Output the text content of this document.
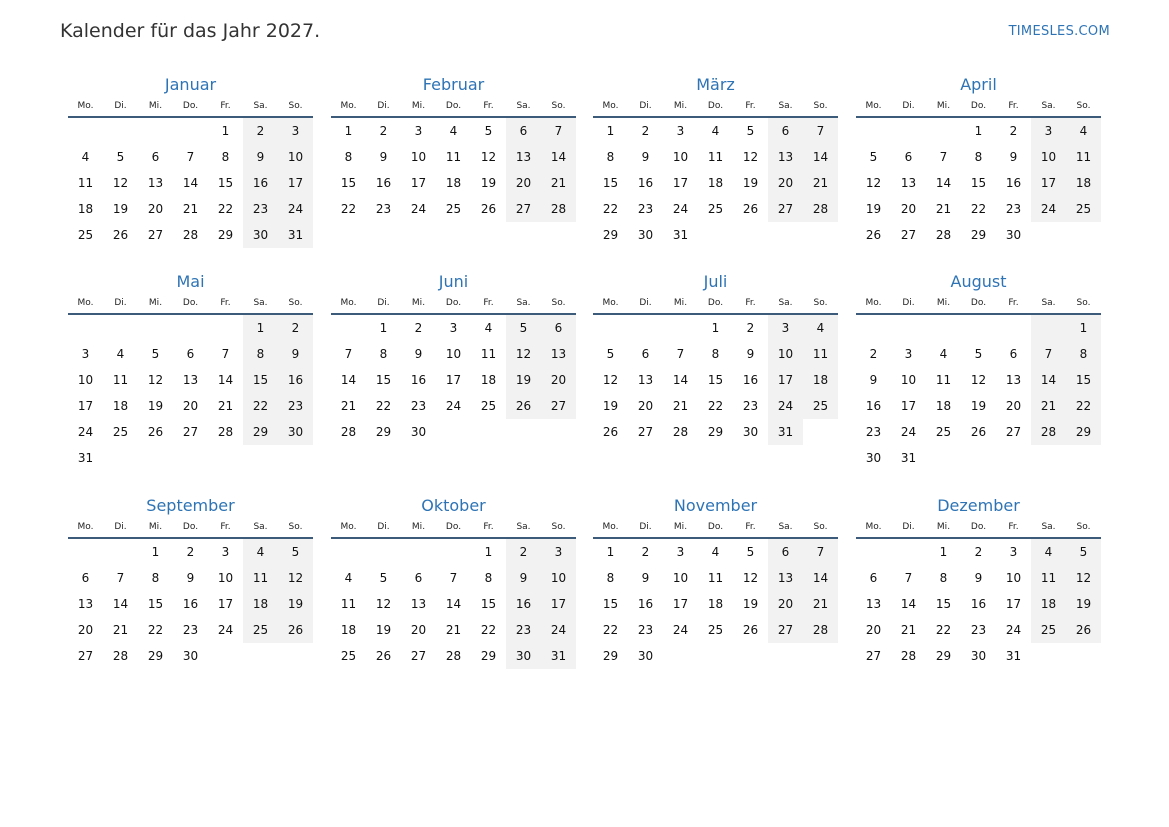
Kalender für das Jahr 2027.	TIMESLES.COM
Januar
Mo.	Di.	Mi.	Do.	Fr.	Sa.	So.
				1	2	3
4	5	6	7	8	9	10
11	12	13	14	15	16	17
18	19	20	21	22	23	24
25	26	27	28	29	30	31
Februar
Mo.	Di.	Mi.	Do.	Fr.	Sa.	So.
1	2	3	4	5	6	7
8	9	10	11	12	13	14
15	16	17	18	19	20	21
22	23	24	25	26	27	28
März
Mo.	Di.	Mi.	Do.	Fr.	Sa.	So.
1	2	3	4	5	6	7
8	9	10	11	12	13	14
15	16	17	18	19	20	21
22	23	24	25	26	27	28
29	30	31				
April
Mo.	Di.	Mi.	Do.	Fr.	Sa.	So.
			1	2	3	4
5	6	7	8	9	10	11
12	13	14	15	16	17	18
19	20	21	22	23	24	25
26	27	28	29	30		
Mai
Mo.	Di.	Mi.	Do.	Fr.	Sa.	So.
					1	2
3	4	5	6	7	8	9
10	11	12	13	14	15	16
17	18	19	20	21	22	23
24	25	26	27	28	29	30
31						
Juni
Mo.	Di.	Mi.	Do.	Fr.	Sa.	So.
	1	2	3	4	5	6
7	8	9	10	11	12	13
14	15	16	17	18	19	20
21	22	23	24	25	26	27
28	29	30				
Juli
Mo.	Di.	Mi.	Do.	Fr.	Sa.	So.
			1	2	3	4
5	6	7	8	9	10	11
12	13	14	15	16	17	18
19	20	21	22	23	24	25
26	27	28	29	30	31	
August
Mo.	Di.	Mi.	Do.	Fr.	Sa.	So.
						1
2	3	4	5	6	7	8
9	10	11	12	13	14	15
16	17	18	19	20	21	22
23	24	25	26	27	28	29
30	31					
September
Mo.	Di.	Mi.	Do.	Fr.	Sa.	So.
		1	2	3	4	5
6	7	8	9	10	11	12
13	14	15	16	17	18	19
20	21	22	23	24	25	26
27	28	29	30			
Oktober
Mo.	Di.	Mi.	Do.	Fr.	Sa.	So.
				1	2	3
4	5	6	7	8	9	10
11	12	13	14	15	16	17
18	19	20	21	22	23	24
25	26	27	28	29	30	31
November
Mo.	Di.	Mi.	Do.	Fr.	Sa.	So.
1	2	3	4	5	6	7
8	9	10	11	12	13	14
15	16	17	18	19	20	21
22	23	24	25	26	27	28
29	30					
Dezember
Mo.	Di.	Mi.	Do.	Fr.	Sa.	So.
		1	2	3	4	5
6	7	8	9	10	11	12
13	14	15	16	17	18	19
20	21	22	23	24	25	26
27	28	29	30	31		
